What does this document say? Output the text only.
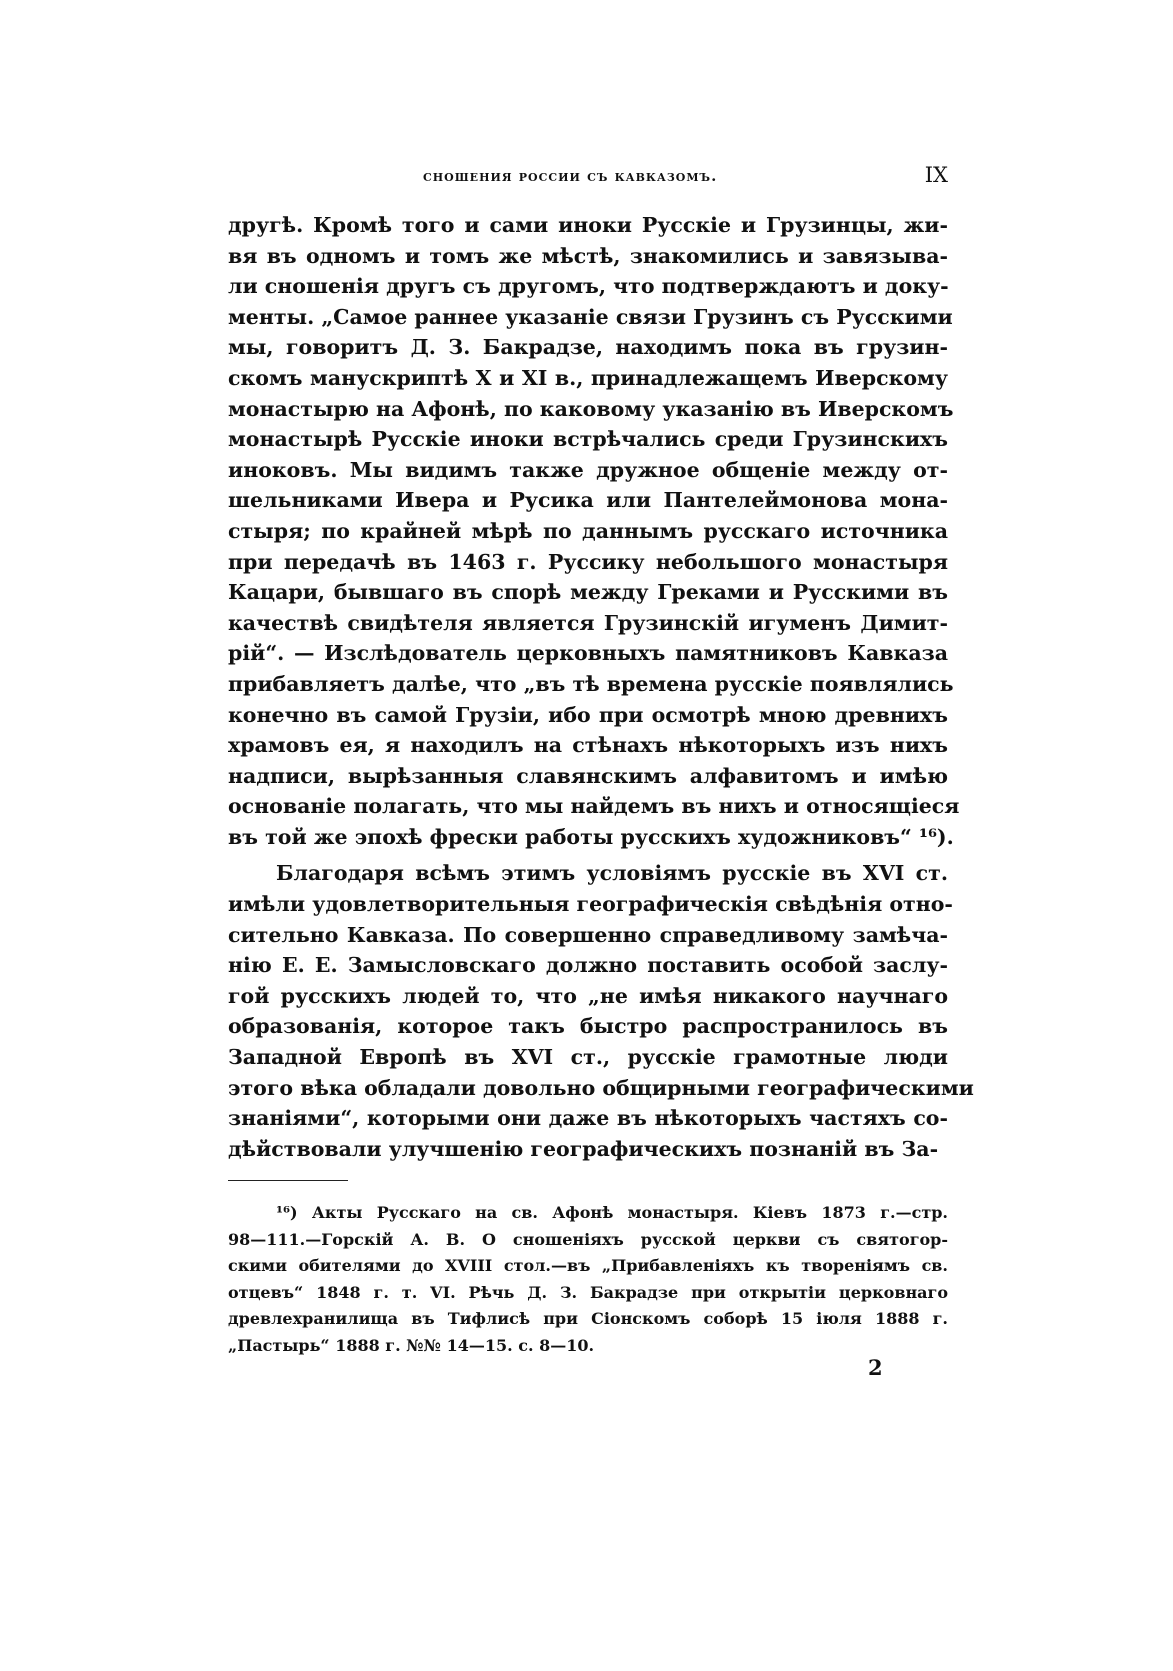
сношения россии съ кавказомъ.	IX
другѣ. Кромѣ того и сами иноки Русскіе и Грузинцы, жи-
вя въ одномъ и томъ же мѣстѣ, знакомились и завязыва-
ли сношенія другъ съ другомъ, что подтверждаютъ и доку-
менты. „Самое раннее указаніе связи Грузинъ съ Русскими
мы, говоритъ Д. З. Бакрадзе, находимъ пока въ грузин-
скомъ манускриптѣ X и XI в., принадлежащемъ Иверскому
монастырю на Афонѣ, по каковому указанію въ Иверскомъ
монастырѣ Русскіе иноки встрѣчались среди Грузинскихъ
иноковъ. Мы видимъ также дружное общеніе между от-
шельниками Ивера и Русика или Пантелеймонова мона-
стыря; по крайней мѣрѣ по даннымъ русскаго источника
при передачѣ въ 1463 г. Руссику небольшого монастыря
Кацари, бывшаго въ спорѣ между Греками и Русскими въ
качествѣ свидѣтеля является Грузинскій игуменъ Димит-
рій“. — Изслѣдователь церковныхъ памятниковъ Кавказа
прибавляетъ далѣе, что „въ тѣ времена русскіе появлялись
конечно въ самой Грузіи, ибо при осмотрѣ мною древнихъ
храмовъ ея, я находилъ на стѣнахъ нѣкоторыхъ изъ нихъ
надписи, вырѣзанныя славянскимъ алфавитомъ и имѣю
основаніе полагать, что мы найдемъ въ нихъ и относящіеся
въ той же эпохѣ фрески работы русскихъ художниковъ“ ¹⁶).
Благодаря всѣмъ этимъ условіямъ русскіе въ XVI ст.
имѣли удовлетворительныя географическія свѣдѣнія отно-
сительно Кавказа. По совершенно справедливому замѣча-
нію Е. Е. Замысловскаго должно поставить особой заслу-
гой русскихъ людей то, что „не имѣя никакого научнаго
образованія, которое такъ быстро распространилось въ
Западной Европѣ въ XVI ст., русскіе грамотные люди
этого вѣка обладали довольно общирными географическими
знаніями“, которыми они даже въ нѣкоторыхъ частяхъ со-
дѣйствовали улучшенію географическихъ познаній въ За-
¹⁶) Акты Русскаго на св. Афонѣ монастыря. Кіевъ 1873 г.—стр.
98—111.—Горскій А. В. О сношеніяхъ русской церкви съ святогор-
скими обителями до XVIII стол.—въ „Прибавленіяхъ къ твореніямъ св.
отцевъ“ 1848 г. т. VI. Рѣчь Д. З. Бакрадзе при открытіи церковнаго
древлехранилища въ Тифлисѣ при Сіонскомъ соборѣ 15 іюля 1888 г.
„Пастырь“ 1888 г. №№ 14—15. с. 8—10.
2
